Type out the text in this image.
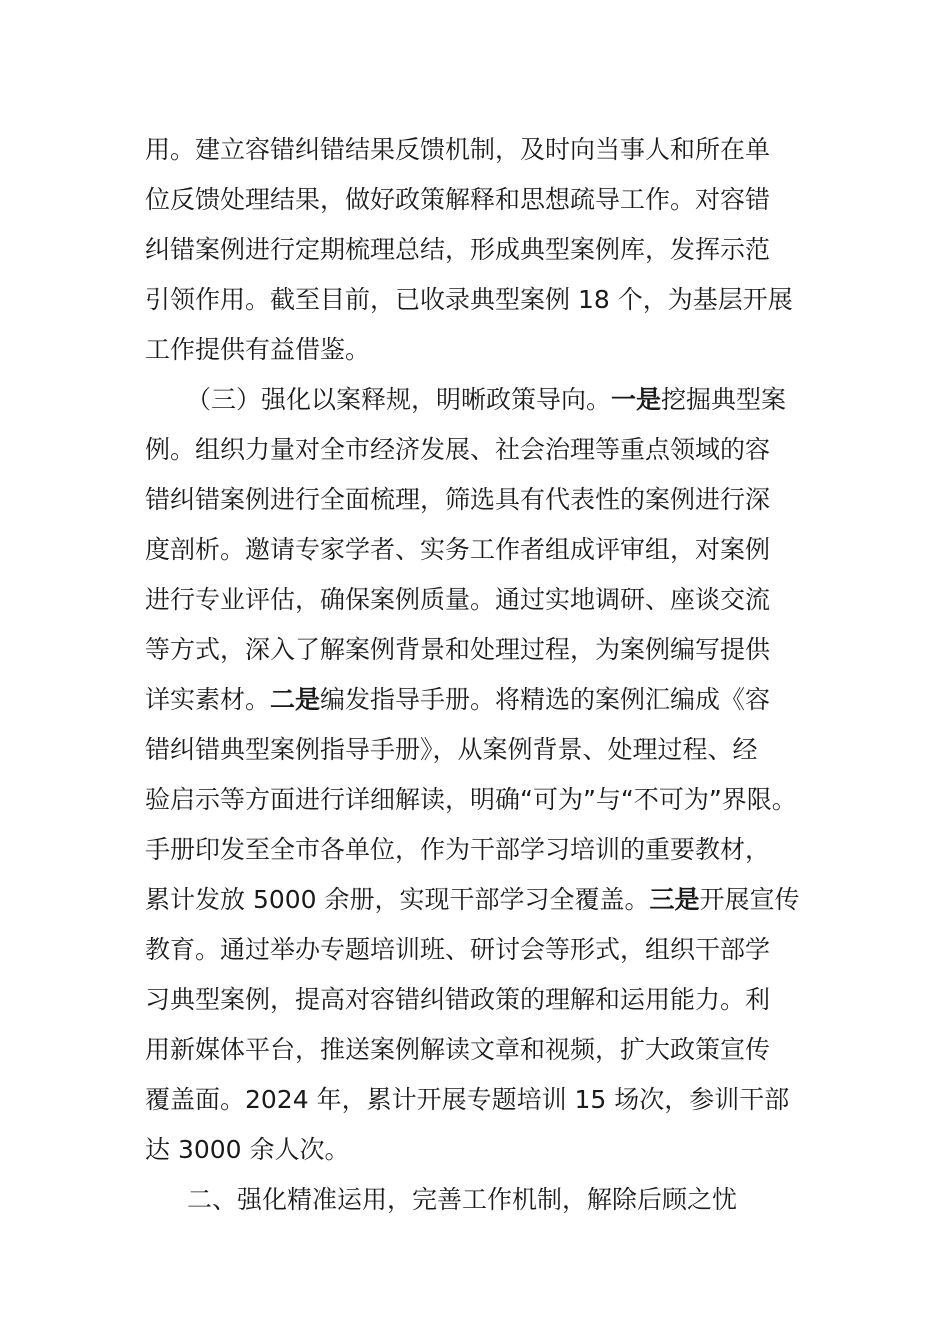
用。建立容错纠错结果反馈机制，及时向当事人和所在单
位反馈处理结果，做好政策解释和思想疏导工作。对容错
纠错案例进行定期梳理总结，形成典型案例库，发挥示范
引领作用。截至目前，已收录典型案例 18 个，为基层开展
工作提供有益借鉴。
（三）强化以案释规，明晰政策导向。一是挖掘典型案
例。组织力量对全市经济发展、社会治理等重点领域的容
错纠错案例进行全面梳理，筛选具有代表性的案例进行深
度剖析。邀请专家学者、实务工作者组成评审组，对案例
进行专业评估，确保案例质量。通过实地调研、座谈交流
等方式，深入了解案例背景和处理过程，为案例编写提供
详实素材。二是编发指导手册。将精选的案例汇编成《容
错纠错典型案例指导手册》，从案例背景、处理过程、经
验启示等方面进行详细解读，明确“可为”与“不可为”界限。
手册印发至全市各单位，作为干部学习培训的重要教材，
累计发放 5000 余册，实现干部学习全覆盖。三是开展宣传
教育。通过举办专题培训班、研讨会等形式，组织干部学
习典型案例，提高对容错纠错政策的理解和运用能力。利
用新媒体平台，推送案例解读文章和视频，扩大政策宣传
覆盖面。2024 年，累计开展专题培训 15 场次，参训干部
达 3000 余人次。
二、强化精准运用，完善工作机制，解除后顾之忧
